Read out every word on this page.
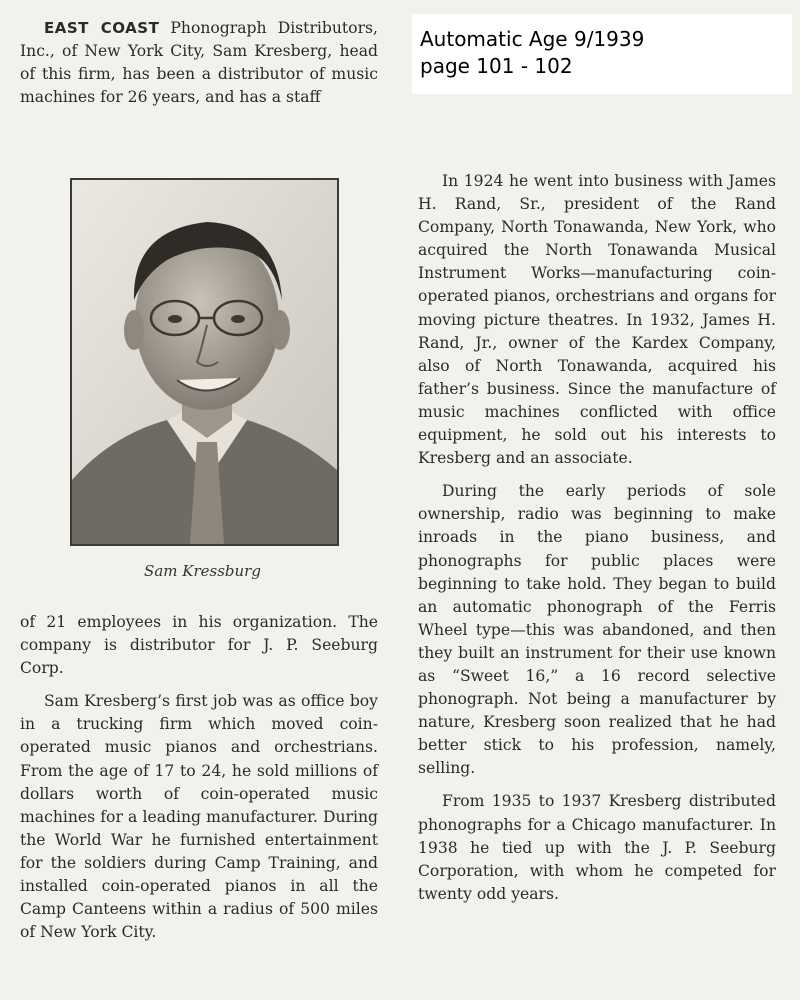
Automatic Age 9/1939
page 101 - 102

EAST COAST Phonograph Distributors, Inc., of New York City, Sam Kresberg, head of this firm, has been a distributor of music machines for 26 years, and has a staff

Sam Kressburg

of 21 employees in his organization. The company is distributor for J. P. Seeburg Corp.

Sam Kresberg’s first job was as office boy in a trucking firm which moved coin-operated music pianos and orchestrians. From the age of 17 to 24, he sold millions of dollars worth of coin-operated music machines for a leading manufacturer. During the World War he furnished entertainment for the soldiers during Camp Training, and installed coin-operated pianos in all the Camp Canteens within a radius of 500 miles of New York City.

In 1924 he went into business with James H. Rand, Sr., president of the Rand Company, North Tonawanda, New York, who acquired the North Tonawanda Musical Instrument Works—manufacturing coin-operated pianos, orchestrians and organs for moving picture theatres. In 1932, James H. Rand, Jr., owner of the Kardex Company, also of North Tonawanda, acquired his father’s business. Since the manufacture of music machines conflicted with office equipment, he sold out his interests to Kresberg and an associate.

During the early periods of sole ownership, radio was beginning to make inroads in the piano business, and phonographs for public places were beginning to take hold. They began to build an automatic phonograph of the Ferris Wheel type—this was abandoned, and then they built an instrument for their use known as “Sweet 16,” a 16 record selective phonograph. Not being a manufacturer by nature, Kresberg soon realized that he had better stick to his profession, namely, selling.

From 1935 to 1937 Kresberg distributed phonographs for a Chicago manufacturer. In 1938 he tied up with the J. P. Seeburg Corporation, with whom he competed for twenty odd years.
